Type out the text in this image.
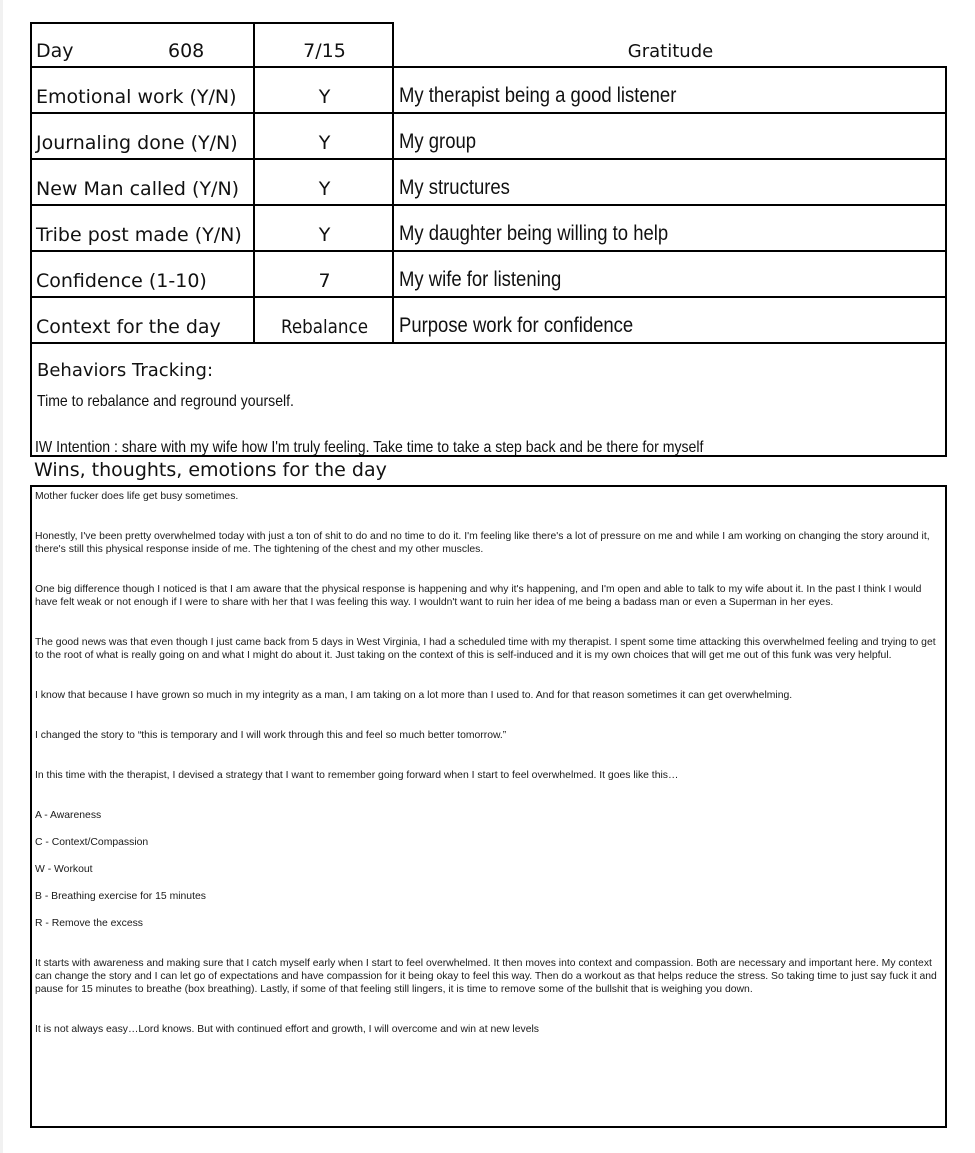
Day	608	7/15	Gratitude
Emotional work (Y/N)	Y	My therapist being a good listener
Journaling done (Y/N)	Y	My group
New Man called (Y/N)	Y	My structures
Tribe post made (Y/N)	Y	My daughter being willing to help
Confidence (1-10)	7	My wife for listening
Context for the day	Rebalance	Purpose work for confidence
Behaviors Tracking:
Time to rebalance and reground yourself.
IW Intention : share with my wife how I'm truly feeling. Take time to take a step back and be there for myself
Wins, thoughts, emotions for the day

Mother fucker does life get busy sometimes.

Honestly, I've been pretty overwhelmed today with just a ton of shit to do and no time to do it. I'm feeling like there's a lot of pressure on me and while I am working on changing the story around it, there's still this physical response inside of me. The tightening of the chest and my other muscles.

One big difference though I noticed is that I am aware that the physical response is happening and why it's happening, and I'm open and able to talk to my wife about it. In the past I think I would have felt weak or not enough if I were to share with her that I was feeling this way. I wouldn't want to ruin her idea of me being a badass man or even a Superman in her eyes.

The good news was that even though I just came back from 5 days in West Virginia, I had a scheduled time with my therapist. I spent some time attacking this overwhelmed feeling and trying to get to the root of what is really going on and what I might do about it. Just taking on the context of this is self-induced and it is my own choices that will get me out of this funk was very helpful.

I know that because I have grown so much in my integrity as a man, I am taking on a lot more than I used to. And for that reason sometimes it can get overwhelming.

I changed the story to “this is temporary and I will work through this and feel so much better tomorrow.”

In this time with the therapist, I devised a strategy that I want to remember going forward when I start to feel overwhelmed. It goes like this…

A - Awareness

C - Context/Compassion

W - Workout

B - Breathing exercise for 15 minutes

R - Remove the excess

It starts with awareness and making sure that I catch myself early when I start to feel overwhelmed. It then moves into context and compassion. Both are necessary and important here. My context can change the story and I can let go of expectations and have compassion for it being okay to feel this way. Then do a workout as that helps reduce the stress. So taking time to just say fuck it and pause for 15 minutes to breathe (box breathing). Lastly, if some of that feeling still lingers, it is time to remove some of the bullshit that is weighing you down.

It is not always easy…Lord knows. But with continued effort and growth, I will overcome and win at new levels
